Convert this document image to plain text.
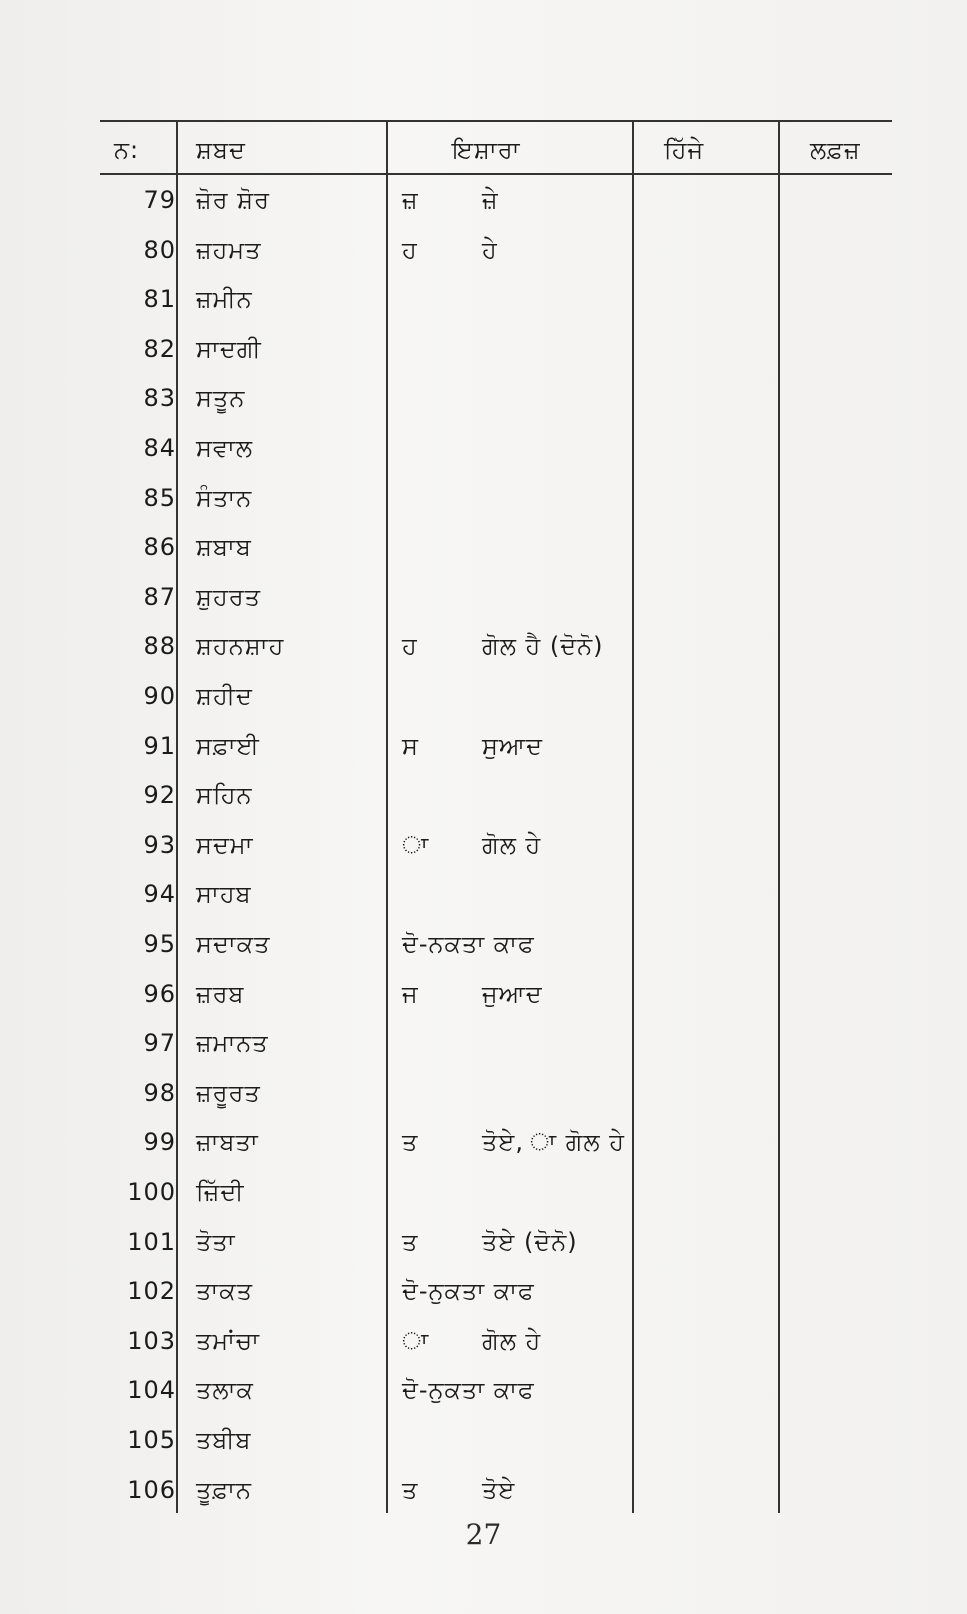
ਨ: ਸ਼ਬਦ	ਇਸ਼ਾਰਾ	ਹਿੱਜੇ	ਲਫ਼ਜ਼
79 ਜ਼ੋਰ ਸ਼ੋਰ	ਜ਼	ਜ਼ੇ
80 ਜ਼ਹਮਤ	ਹ	ਹੇ
81 ਜ਼ਮੀਨ
82 ਸਾਦਗੀ
83 ਸਤੂਨ
84 ਸਵਾਲ
85 ਸੰਤਾਨ
86 ਸ਼ਬਾਬ
87 ਸ਼ੁਹਰਤ
88 ਸ਼ਹਨਸ਼ਾਹ	ਹ	ਗੋਲ ਹੈ (ਦੋਨੋ)
90 ਸ਼ਹੀਦ
91 ਸਫ਼ਾਈ	ਸ	ਸੁਆਦ
92 ਸਹਿਨ
93 ਸਦਮਾ	ਾ ਗੋਲ ਹੇ
94 ਸਾਹਬ
95 ਸਦਾਕਤ	ਦੋ-ਨਕਤਾ ਕਾਫ
96 ਜ਼ਰਬ	ਜ	ਜੁਆਦ
97 ਜ਼ਮਾਨਤ
98 ਜ਼ਰੂਰਤ
99 ਜ਼ਾਬਤਾ	ਤ	ਤੋਏ, ਾ ਗੋਲ ਹੇ
100 ਜ਼ਿੱਦੀ
101 ਤੋਤਾ	ਤ	ਤੋਏ (ਦੋਨੋ)
102 ਤਾਕਤ	ਦੋ-ਨੁਕਤਾ ਕਾਫ
103 ਤਮਾਂਚਾ	ਾ ਗੋਲ ਹੇ
104 ਤਲਾਕ	ਦੋ-ਨੁਕਤਾ ਕਾਫ
105 ਤਬੀਬ
106 ਤੂਫ਼ਾਨ	ਤ	ਤੋਏ
27
